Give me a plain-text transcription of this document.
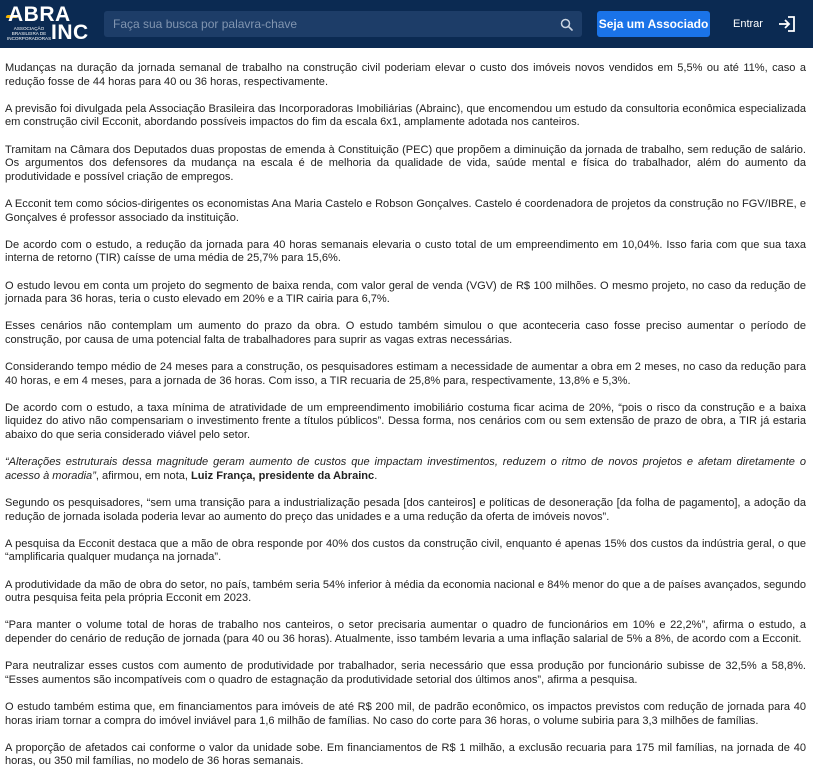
ABRA
ASSOCIAÇÃO BRASILEIRA DE INCORPORADORAS INC
Faça sua busca por palavra-chave	Seja um Associado Entrar

Mudanças na duração da jornada semanal de trabalho na construção civil poderiam elevar o custo dos imóveis novos vendidos em 5,5% ou até 11%, caso a redução fosse de 44 horas para 40 ou 36 horas, respectivamente.

A previsão foi divulgada pela Associação Brasileira das Incorporadoras Imobiliárias (Abrainc), que encomendou um estudo da consultoria econômica especializada em construção civil Ecconit, abordando possíveis impactos do fim da escala 6x1, amplamente adotada nos canteiros.

Tramitam na Câmara dos Deputados duas propostas de emenda à Constituição (PEC) que propõem a diminuição da jornada de trabalho, sem redução de salário. Os argumentos dos defensores da mudança na escala é de melhoria da qualidade de vida, saúde mental e física do trabalhador, além do aumento da produtividade e possível criação de empregos.

A Ecconit tem como sócios-dirigentes os economistas Ana Maria Castelo e Robson Gonçalves. Castelo é coordenadora de projetos da construção no FGV/IBRE, e Gonçalves é professor associado da instituição.

De acordo com o estudo, a redução da jornada para 40 horas semanais elevaria o custo total de um empreendimento em 10,04%. Isso faria com que sua taxa interna de retorno (TIR) caísse de uma média de 25,7% para 15,6%.

O estudo levou em conta um projeto do segmento de baixa renda, com valor geral de venda (VGV) de R$ 100 milhões. O mesmo projeto, no caso da redução de jornada para 36 horas, teria o custo elevado em 20% e a TIR cairia para 6,7%.

Esses cenários não contemplam um aumento do prazo da obra. O estudo também simulou o que aconteceria caso fosse preciso aumentar o período de construção, por causa de uma potencial falta de trabalhadores para suprir as vagas extras necessárias.

Considerando tempo médio de 24 meses para a construção, os pesquisadores estimam a necessidade de aumentar a obra em 2 meses, no caso da redução para 40 horas, e em 4 meses, para a jornada de 36 horas. Com isso, a TIR recuaria de 25,8% para, respectivamente, 13,8% e 5,3%.

De acordo com o estudo, a taxa mínima de atratividade de um empreendimento imobiliário costuma ficar acima de 20%, “pois o risco da construção e a baixa liquidez do ativo não compensariam o investimento frente a títulos públicos”. Dessa forma, nos cenários com ou sem extensão de prazo de obra, a TIR já estaria abaixo do que seria considerado viável pelo setor.

“Alterações estruturais dessa magnitude geram aumento de custos que impactam investimentos, reduzem o ritmo de novos projetos e afetam diretamente o acesso à moradia”, afirmou, em nota, Luiz França, presidente da Abrainc.

Segundo os pesquisadores, “sem uma transição para a industrialização pesada [dos canteiros] e políticas de desoneração [da folha de pagamento], a adoção da redução de jornada isolada poderia levar ao aumento do preço das unidades e a uma redução da oferta de imóveis novos”.

A pesquisa da Ecconit destaca que a mão de obra responde por 40% dos custos da construção civil, enquanto é apenas 15% dos custos da indústria geral, o que “amplificaria qualquer mudança na jornada”.

A produtividade da mão de obra do setor, no país, também seria 54% inferior à média da economia nacional e 84% menor do que a de países avançados, segundo outra pesquisa feita pela própria Ecconit em 2023.

“Para manter o volume total de horas de trabalho nos canteiros, o setor precisaria aumentar o quadro de funcionários em 10% e 22,2%”, afirma o estudo, a depender do cenário de redução de jornada (para 40 ou 36 horas). Atualmente, isso também levaria a uma inflação salarial de 5% a 8%, de acordo com a Ecconit.

Para neutralizar esses custos com aumento de produtividade por trabalhador, seria necessário que essa produção por funcionário subisse de 32,5% a 58,8%. “Esses aumentos são incompatíveis com o quadro de estagnação da produtividade setorial dos últimos anos”, afirma a pesquisa.

O estudo também estima que, em financiamentos para imóveis de até R$ 200 mil, de padrão econômico, os impactos previstos com redução de jornada para 40 horas iriam tornar a compra do imóvel inviável para 1,6 milhão de famílias. No caso do corte para 36 horas, o volume subiria para 3,3 milhões de famílias.

A proporção de afetados cai conforme o valor da unidade sobe. Em financiamentos de R$ 1 milhão, a exclusão recuaria para 175 mil famílias, na jornada de 40 horas, ou 350 mil famílias, no modelo de 36 horas semanais.
